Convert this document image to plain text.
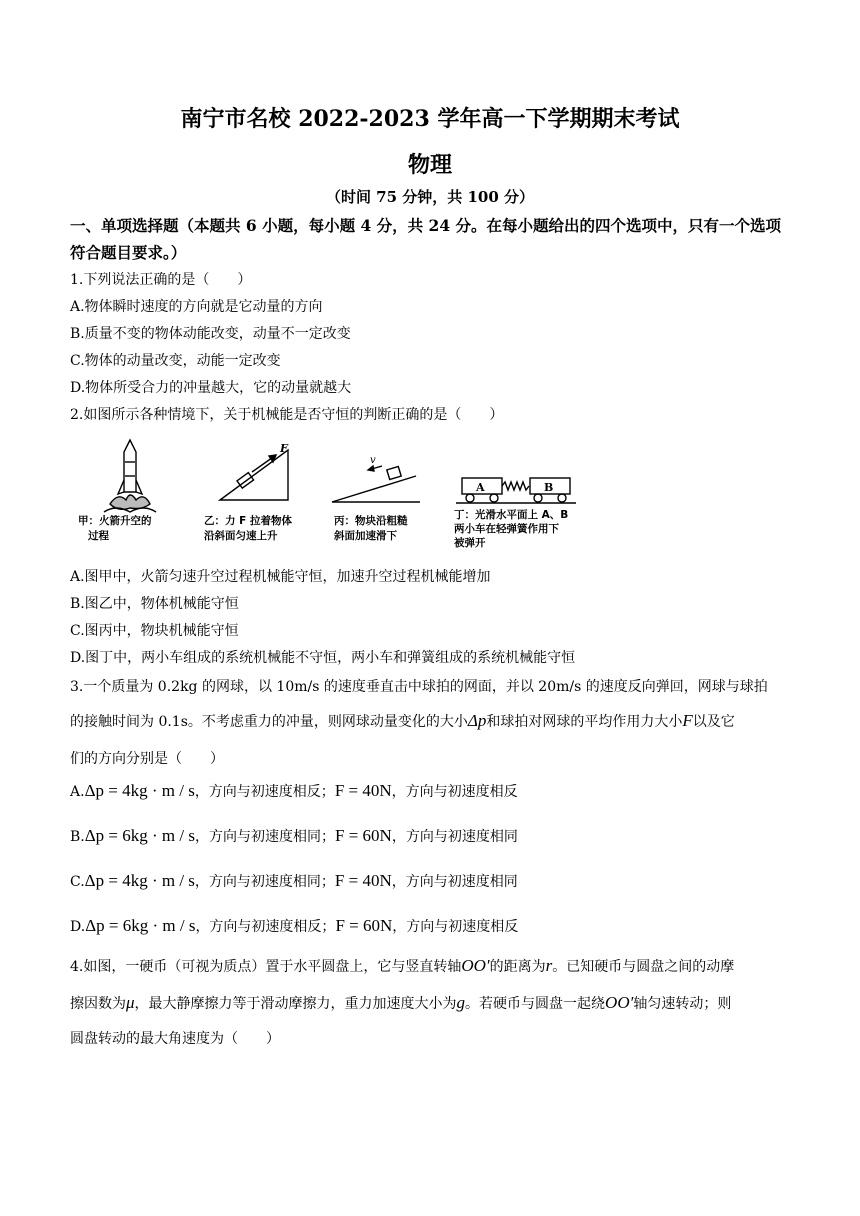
南宁市名校 2022-2023 学年高一下学期期末考试
物理
（时间 75 分钟，共 100 分）
一、单项选择题（本题共 6 小题，每小题 4 分，共 24 分。在每小题给出的四个选项中，只有一个选项符合题目要求。）
1.下列说法正确的是（　　）
A.物体瞬时速度的方向就是它动量的方向
B.质量不变的物体动能改变，动量不一定改变
C.物体的动量改变，动能一定改变
D.物体所受合力的冲量越大，它的动量就越大
2.如图所示各种情境下，关于机械能是否守恒的判断正确的是（　　）
甲：火箭升空的
过程
F
乙：力 F 拉着物体
沿斜面匀速上升
v
丙：物块沿粗糙
斜面加速滑下
A	B
丁：光滑水平面上 A、B
两小车在轻弹簧作用下
被弹开
A.图甲中，火箭匀速升空过程机械能守恒，加速升空过程机械能增加
B.图乙中，物体机械能守恒
C.图丙中，物块机械能守恒
D.图丁中，两小车组成的系统机械能不守恒，两小车和弹簧组成的系统机械能守恒
3.一个质量为 0.2kg 的网球，以 10m/s 的速度垂直击中球拍的网面，并以 20m/s 的速度反向弹回，网球与球拍
的接触时间为 0.1s。不考虑重力的冲量，则网球动量变化的大小Δp和球拍对网球的平均作用力大小F以及它
们的方向分别是（　　）
A.Δp = 4kg · m / s，方向与初速度相反；F = 40N，方向与初速度相反
B.Δp = 6kg · m / s，方向与初速度相同；F = 60N，方向与初速度相同
C.Δp = 4kg · m / s，方向与初速度相同；F = 40N，方向与初速度相同
D.Δp = 6kg · m / s，方向与初速度相反；F = 60N，方向与初速度相反
4.如图，一硬币（可视为质点）置于水平圆盘上，它与竖直转轴OO′的距离为r。已知硬币与圆盘之间的动摩
擦因数为μ，最大静摩擦力等于滑动摩擦力，重力加速度大小为g。若硬币与圆盘一起绕OO′轴匀速转动；则
圆盘转动的最大角速度为（　　）
